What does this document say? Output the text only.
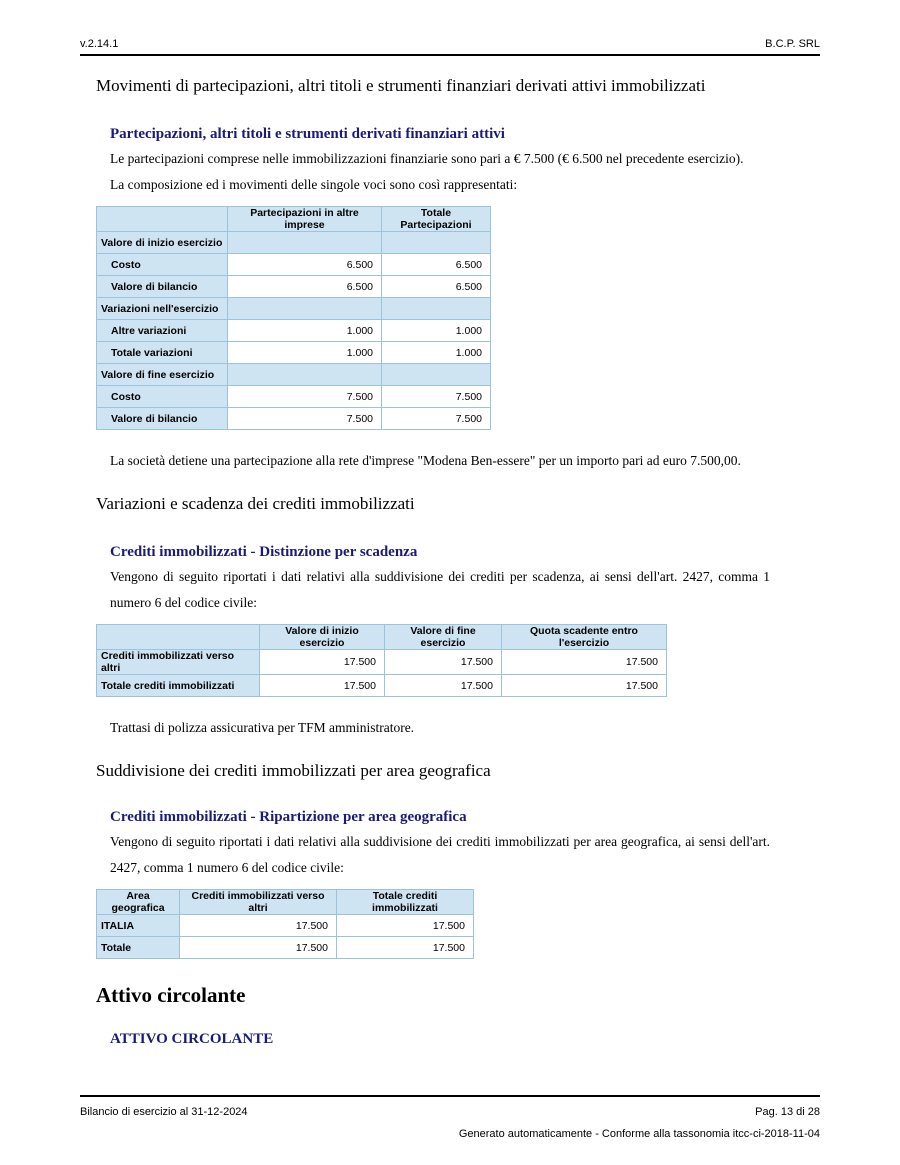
v.2.14.1	B.C.P. SRL
Movimenti di partecipazioni, altri titoli e strumenti finanziari derivati attivi immobilizzati
Partecipazioni, altri titoli e strumenti derivati finanziari attivi
Le partecipazioni comprese nelle immobilizzazioni finanziarie sono pari a € 7.500 (€ 6.500 nel precedente esercizio).
La composizione ed i movimenti delle singole voci sono così rappresentati:
	Partecipazioni in altre imprese	Totale Partecipazioni
Valore di inizio esercizio		
Costo	6.500	6.500
Valore di bilancio	6.500	6.500
Variazioni nell'esercizio		
Altre variazioni	1.000	1.000
Totale variazioni	1.000	1.000
Valore di fine esercizio		
Costo	7.500	7.500
Valore di bilancio	7.500	7.500
La società detiene una partecipazione alla rete d'imprese "Modena Ben-essere" per un importo pari ad euro 7.500,00.
Variazioni e scadenza dei crediti immobilizzati
Crediti immobilizzati - Distinzione per scadenza
Vengono di seguito riportati i dati relativi alla suddivisione dei crediti per scadenza, ai sensi dell'art. 2427, comma 1 numero 6 del codice civile:
	Valore di inizio esercizio	Valore di fine esercizio	Quota scadente entro l'esercizio
Crediti immobilizzati verso altri	17.500	17.500	17.500
Totale crediti immobilizzati	17.500	17.500	17.500
Trattasi di polizza assicurativa per TFM amministratore.
Suddivisione dei crediti immobilizzati per area geografica
Crediti immobilizzati - Ripartizione per area geografica
Vengono di seguito riportati i dati relativi alla suddivisione dei crediti immobilizzati per area geografica, ai sensi dell'art. 2427, comma 1 numero 6 del codice civile:
Area geografica	Crediti immobilizzati verso altri	Totale crediti immobilizzati
ITALIA	17.500	17.500
Totale	17.500	17.500
Attivo circolante
ATTIVO CIRCOLANTE
Bilancio di esercizio al 31-12-2024	Pag. 13 di 28
Generato automaticamente - Conforme alla tassonomia itcc-ci-2018-11-04
